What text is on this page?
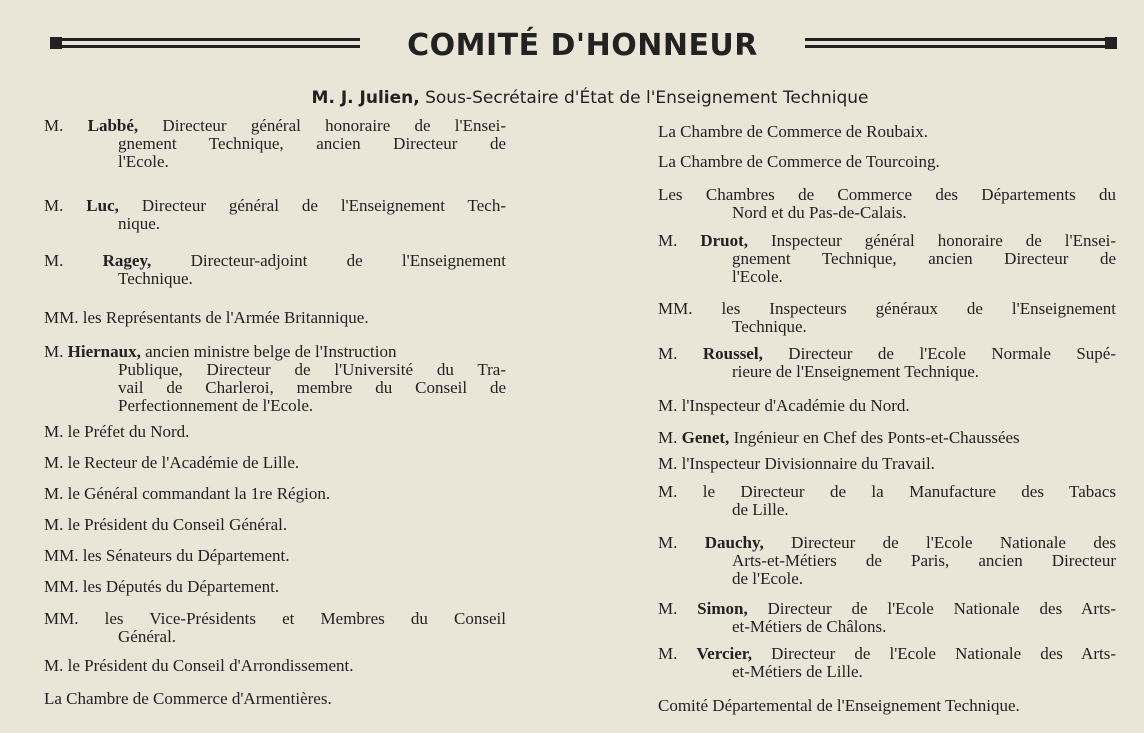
COMITÉ D'HONNEUR
M. J. Julien, Sous-Secrétaire d'État de l'Enseignement Technique
M. Labbé, Directeur général honoraire de l'Ensei-
gnement Technique, ancien Directeur de
l'Ecole.
M. Luc, Directeur général de l'Enseignement Tech-
nique.
M. Ragey, Directeur-adjoint de l'Enseignement
Technique.
MM. les Représentants de l'Armée Britannique.
M. Hiernaux, ancien ministre belge de l'Instruction
Publique, Directeur de l'Université du Tra-
vail de Charleroi, membre du Conseil de
Perfectionnement de l'Ecole.
M. le Préfet du Nord.
M. le Recteur de l'Académie de Lille.
M. le Général commandant la 1re Région.
M. le Président du Conseil Général.
MM. les Sénateurs du Département.
MM. les Députés du Département.
MM. les Vice-Présidents et Membres du Conseil
Général.
M. le Président du Conseil d'Arrondissement.
La Chambre de Commerce d'Armentières.
La Chambre de Commerce de Roubaix.
La Chambre de Commerce de Tourcoing.
Les Chambres de Commerce des Départements du
Nord et du Pas-de-Calais.
M. Druot, Inspecteur général honoraire de l'Ensei-
gnement Technique, ancien Directeur de
l'Ecole.
MM. les Inspecteurs généraux de l'Enseignement
Technique.
M. Roussel, Directeur de l'Ecole Normale Supé-
rieure de l'Enseignement Technique.
M. l'Inspecteur d'Académie du Nord.
M. Genet, Ingénieur en Chef des Ponts-et-Chaussées
M. l'Inspecteur Divisionnaire du Travail.
M. le Directeur de la Manufacture des Tabacs
de Lille.
M. Dauchy, Directeur de l'Ecole Nationale des
Arts-et-Métiers de Paris, ancien Directeur
de l'Ecole.
M. Simon, Directeur de l'Ecole Nationale des Arts-
et-Métiers de Châlons.
M. Vercier, Directeur de l'Ecole Nationale des Arts-
et-Métiers de Lille.
Comité Départemental de l'Enseignement Technique.
